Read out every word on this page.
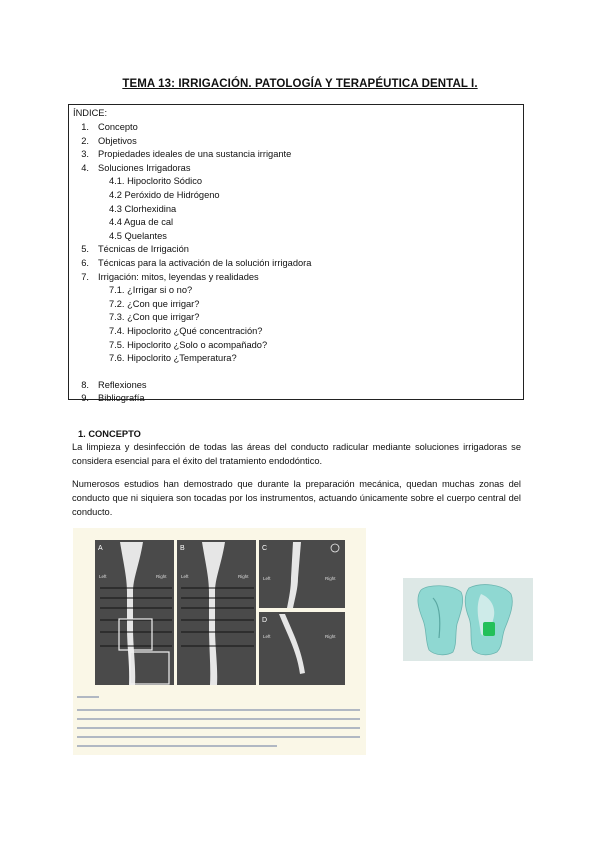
TEMA 13: IRRIGACIÓN. PATOLOGÍA Y TERAPÉUTICA DENTAL I.
ÍNDICE:
1. Concepto
2. Objetivos
3. Propiedades ideales de una sustancia irrigante
4. Soluciones Irrigadoras
4.1. Hipoclorito Sódico
4.2 Peróxido de Hidrógeno
4.3 Clorhexidina
4.4 Agua de cal
4.5 Quelantes
5. Técnicas de Irrigación
6. Técnicas para la activación de la solución irrigadora
7. Irrigación: mitos, leyendas y realidades
7.1. ¿Irrigar si o no?
7.2. ¿Con que irrigar?
7.3. ¿Con que irrigar?
7.4. Hipoclorito ¿Qué concentración?
7.5. Hipoclorito ¿Solo o acompañado?
7.6. Hipoclorito ¿Temperatura?
8. Reflexiones
9. Bibliografía
1. CONCEPTO
La limpieza y desinfección de todas las áreas del conducto radicular mediante soluciones irrigadoras se considera esencial para el éxito del tratamiento endodóntico.
Numerosos estudios han demostrado que durante la preparación mecánica, quedan muchas zonas del conducto que ni siquiera son tocadas por los instrumentos, actuando únicamente sobre el cuerpo central del conducto.
A
Left	Right
B
Left	Right
C
Left	Right
D
Left	Right
